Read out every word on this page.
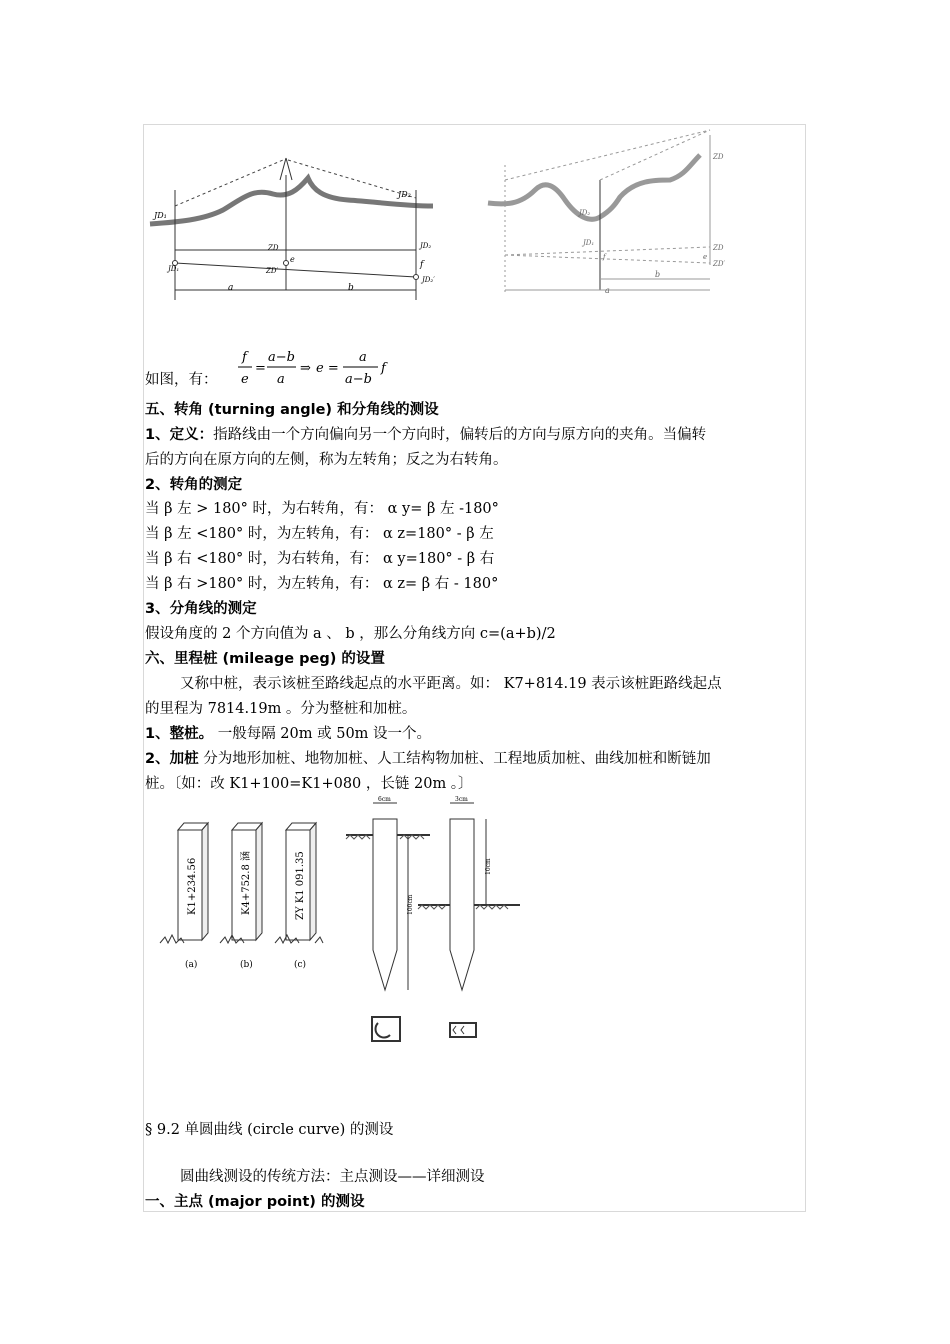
JD₁
JD₂
ZD
ZD′
e
f
JD₁
JD₂
JD₂′
a	b
ZD
JD₂
JD₁
ZD
ZD′
f	e
b
a
如图，有：
f
e
=
a−b
a
⇒ e =
a
a−b
f
五、转角 (turning angle) 和分角线的测设
1、定义：指路线由一个方向偏向另一个方向时，偏转后的方向与原方向的夹角。当偏转
后的方向在原方向的左侧，称为左转角；反之为右转角。
2、转角的测定
当 β 左 > 180° 时，为右转角，有： α y= β 左 -180°
当 β 左 <180° 时，为左转角，有： α z=180° - β 左
当 β 右 <180° 时，为右转角，有： α y=180° - β 右
当 β 右 >180° 时，为左转角，有： α z= β 右 - 180°
3、分角线的测定
假设角度的 2 个方向值为 a 、 b ，那么分角线方向 c=(a+b)/2
六、里程桩 (mileage peg) 的设置
又称中桩，表示该桩至路线起点的水平距离。如： K7+814.19 表示该桩距路线起点
的里程为 7814.19m 。分为整桩和加桩。
1、整桩。 一般每隔 20m 或 50m 设一个。
2、加桩 分为地形加桩、地物加桩、人工结构物加桩、工程地质加桩、曲线加桩和断链加
桩。〔如：改 K1+100=K1+080 ，长链 20m 。〕
K1+234.56	K4+752.8 涵	ZY K1 091.35
(a)	(b)	(c)
6cm	3cm
100cm
10cm
§ 9.2 单圆曲线 (circle curve) 的测设
圆曲线测设的传统方法：主点测设——详细测设
一、主点 (major point) 的测设
